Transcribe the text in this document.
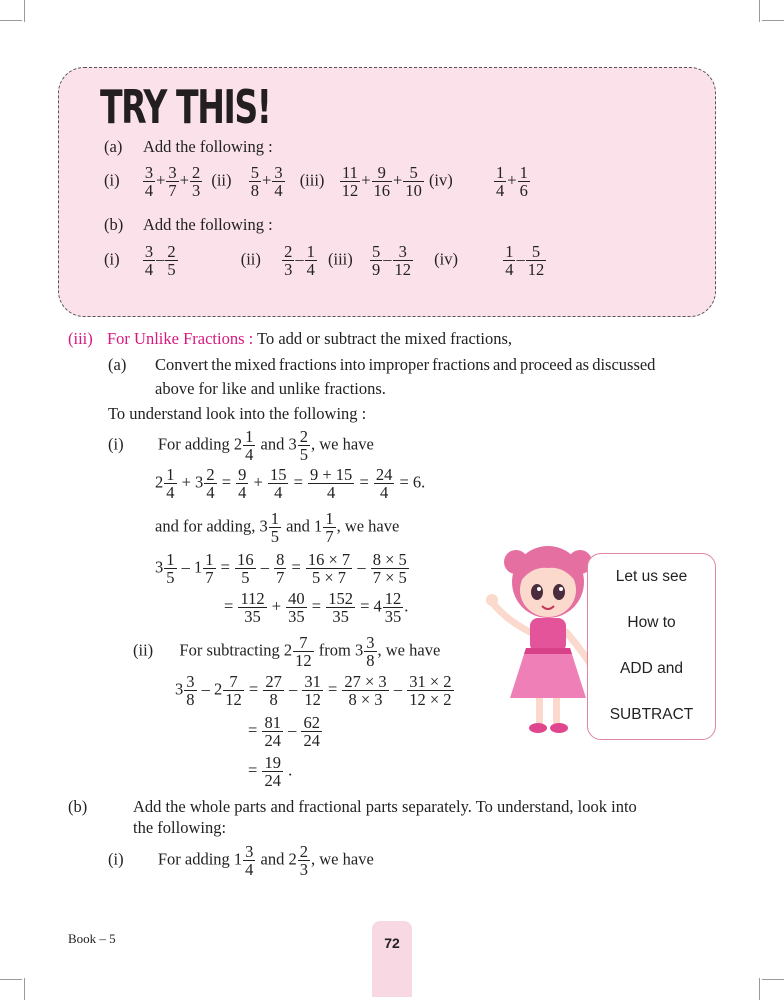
TRY THIS!
(a) Add the following :
$(i) \frac{3}{4} + \frac{3}{7} + \frac{2}{3} (ii) \frac{5}{8} + \frac{3}{4} (iii) \frac{11}{12} + \frac{9}{16} + \frac{5}{10} (iv)$	$\frac{1}{4} + \frac{1}{6}$
(b) Add the following :
$(i) \frac{3}{4} - \frac{2}{5}$	$(ii) \frac{2}{3} - \frac{1}{4} (iii) \frac{5}{9} - \frac{3}{12} (iv)$	$\frac{1}{4} - \frac{5}{12}$
(iii) For Unlike Fractions : To add or subtract the mixed fractions,
(a) Convert the mixed fractions into improper fractions and proceed as discussed
above for like and unlike fractions.
To understand look into the following :
(i) For adding $2 \frac{1}{4}$ and $3 \frac{2}{5}$ , we have
$2 \frac{1}{4} + 3 \frac{2}{4} = \frac{9}{4} + \frac{15}{4} = \frac{9 + 15}{4} = \frac{24}{4} = 6$.
and for adding, $3 \frac{1}{5}$ and $1 \frac{1}{7}$ , we have
$3 \frac{1}{5} - 1 \frac{1}{7} = \frac{16}{5} - \frac{8}{7} = \frac{16 \times 7}{5 \times 7} - \frac{8 \times 5}{7 \times 5}$
= $\frac{112}{35} + \frac{40}{35} = \frac{152}{35} = 4 \frac{12}{35}$ .
(ii) For subtracting $2 \frac{7}{12}$ from $3 \frac{3}{8}$ , we have
$3 \frac{3}{8} - 2 \frac{7}{12} = \frac{27}{8} - \frac{31}{12} = \frac{27 \times 3}{8 \times 3} - \frac{31 \times 2}{12 \times 2}$
= $\frac{81}{24} - \frac{62}{24}$
= $\frac{19}{24}$ .
Let us see
How to
ADD and
SUBTRACT
(b)	Add the whole parts and fractional parts separately. To understand, look into
the following:
(i) For adding $1 \frac{3}{4}$ and $2 \frac{2}{3}$ , we have
Book – 5	72
